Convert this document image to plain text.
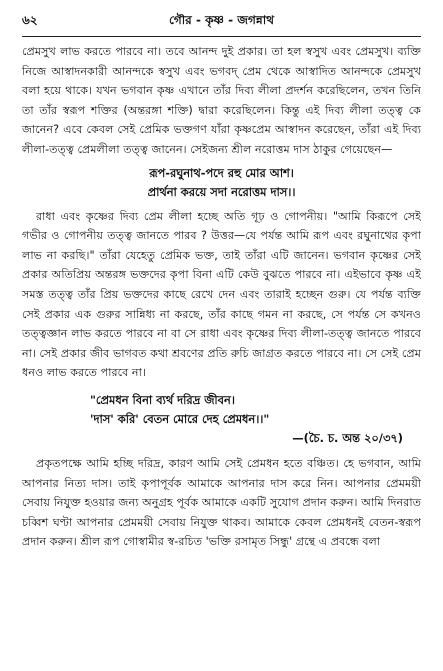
৬২	গৌর - কৃষ্ণ - জগন্নাথ

প্রেমসুখ লাভ করতে পারবে না। তবে আনন্দ দুই প্রকার। তা হল স্বসুখ এবং প্রেমসুখ। ব্যক্তি নিজে আস্বাদনকারী আনন্দকে স্বসুখ এবং ভগবদ্ প্রেম থেকে আস্বাদিত আনন্দকে প্রেমসুখ বলা হয়ে থাকে। যখন ভগবান কৃষ্ণ এখানে তাঁর দিব্য লীলা প্রদর্শন করেছিলেন, তখন তিনি তা তাঁর স্বরূপ শক্তির (অন্তরঙ্গা শক্তি) দ্বারা করেছিলেন। কিন্তু এই দিব্য লীলা তত্ত্ব কে জানেন? এবে কেবল সেই প্রেমিক ভক্তগণ যাঁরা কৃষ্ণপ্রেম আস্বাদন করেছেন, তাঁরা এই দিব্য লীলা-তত্ত্ব প্রেমলীলা তত্ত্ব জানেন। সেইজন্য শ্রীল নরোত্তম দাস ঠাকুর গেয়েছেন—

রূপ-রঘুনাথ-পদে রহু মোর আশ।
প্রার্থনা করয়ে সদা নরোত্তম দাস।।

রাধা এবং কৃষ্ণের দিব্য প্রেম লীলা হচ্ছে অতি গূঢ় ও গোপনীয়। "আমি কিরূপে সেই গভীর ও গোপনীয় তত্ত্ব জানতে পারব ? উত্তর—যে পর্যন্ত আমি রূপ এবং রঘুনাথের কৃপা লাভ না করছি।" তাঁরা যেহেতু প্রেমিক ভক্ত, তাই তাঁরা এটি জানেন। ভগবান কৃষ্ণের সেই প্রকার অতিপ্রিয় অন্তরঙ্গ ভক্তদের কৃপা বিনা এটি কেউ বুঝতে পারবে না। এইভাবে কৃষ্ণ এই সমস্ত তত্ত্ব তাঁর প্রিয় ভক্তদের কাছে রেখে দেন এবং তারাই হচ্ছেন গুরু। যে পর্যন্ত ব্যক্তি সেই প্রকার এক গুরুর সান্নিধ্য না করছে, তাঁর কাছে গমন না করছে, সে পর্যন্ত সে কখনও তত্ত্বজ্ঞান লাভ করতে পারবে না বা সে রাধা এবং কৃষ্ণের দিব্য লীলা-তত্ত্ব জানতে পারবে না। সেই প্রকার জীব ভাগবত কথা শ্রবণের প্রতি রুচি জাগ্রত করতে পারবে না। সে সেই প্রেম ধনও লাভ করতে পারবে না।

"প্রেমধন বিনা ব্যর্থ দরিদ্র জীবন।
'দাস' করি' বেতন মোরে দেহ প্রেমধন।।"
—(চৈ. চ. অন্ত ২০/৩৭)

প্রকৃতপক্ষে আমি হচ্ছি দরিদ্র, কারণ আমি সেই প্রেমধন হতে বঞ্চিত। হে ভগবান, আমি আপনার নিত্য দাস। তাই কৃপাপূর্বক আমাকে আপনার দাস করে নিন। আপনার প্রেমময়ী সেবায় নিযুক্ত হওয়ার জন্য অনুগ্রহ পূর্বক আমাকে একটি সুযোগ প্রদান করুন। আমি দিনরাত চব্বিশ ঘণ্টা আপনার প্রেমময়ী সেবায় নিযুক্ত থাকব। আমাকে কেবল প্রেমধনই বেতন-স্বরূপ প্রদান করুন। শ্রীল রূপ গোস্বামীর স্ব-রচিত 'ভক্তি রসামৃত সিন্ধু' গ্রন্থে এ প্রবন্ধে বলা
